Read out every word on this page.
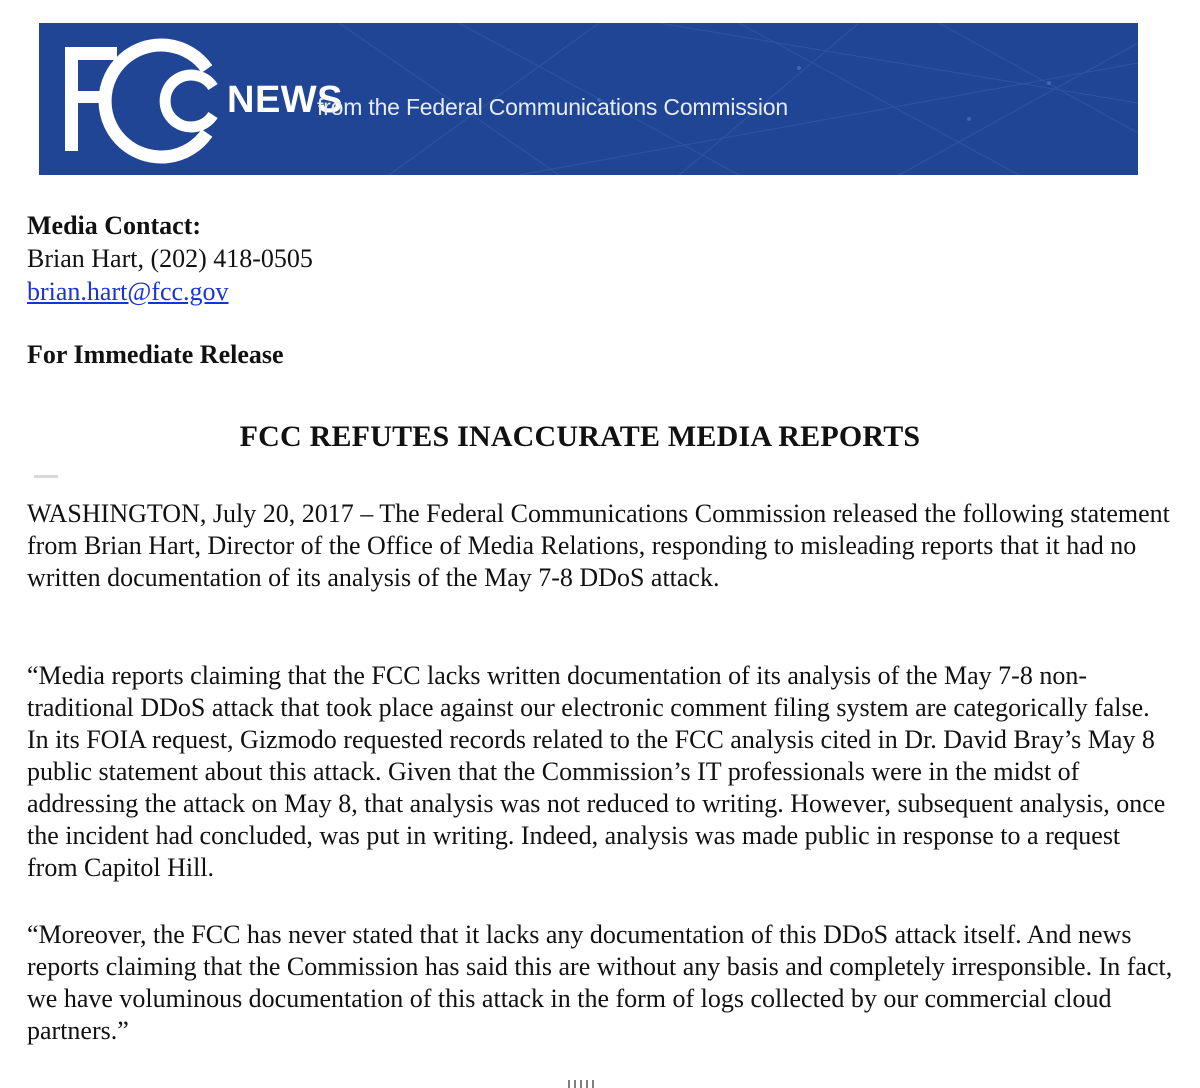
NEWS
from the Federal Communications Commission
Media Contact:
Brian Hart, (202) 418-0505
brian.hart@fcc.gov
For Immediate Release
FCC REFUTES INACCURATE MEDIA REPORTS

WASHINGTON, July 20, 2017 – The Federal Communications Commission released the following statement from Brian Hart, Director of the Office of Media Relations, responding to misleading reports that it had no written documentation of its analysis of the May 7-8 DDoS attack.

“Media reports claiming that the FCC lacks written documentation of its analysis of the May 7-8 non-traditional DDoS attack that took place against our electronic comment filing system are categorically false. In its FOIA request, Gizmodo requested records related to the FCC analysis cited in Dr. David Bray’s May 8 public statement about this attack. Given that the Commission’s IT professionals were in the midst of addressing the attack on May 8, that analysis was not reduced to writing. However, subsequent analysis, once the incident had concluded, was put in writing. Indeed, analysis was made public in response to a request from Capitol Hill.

“Moreover, the FCC has never stated that it lacks any documentation of this DDoS attack itself. And news reports claiming that the Commission has said this are without any basis and completely irresponsible. In fact, we have voluminous documentation of this attack in the form of logs collected by our commercial cloud partners.”
